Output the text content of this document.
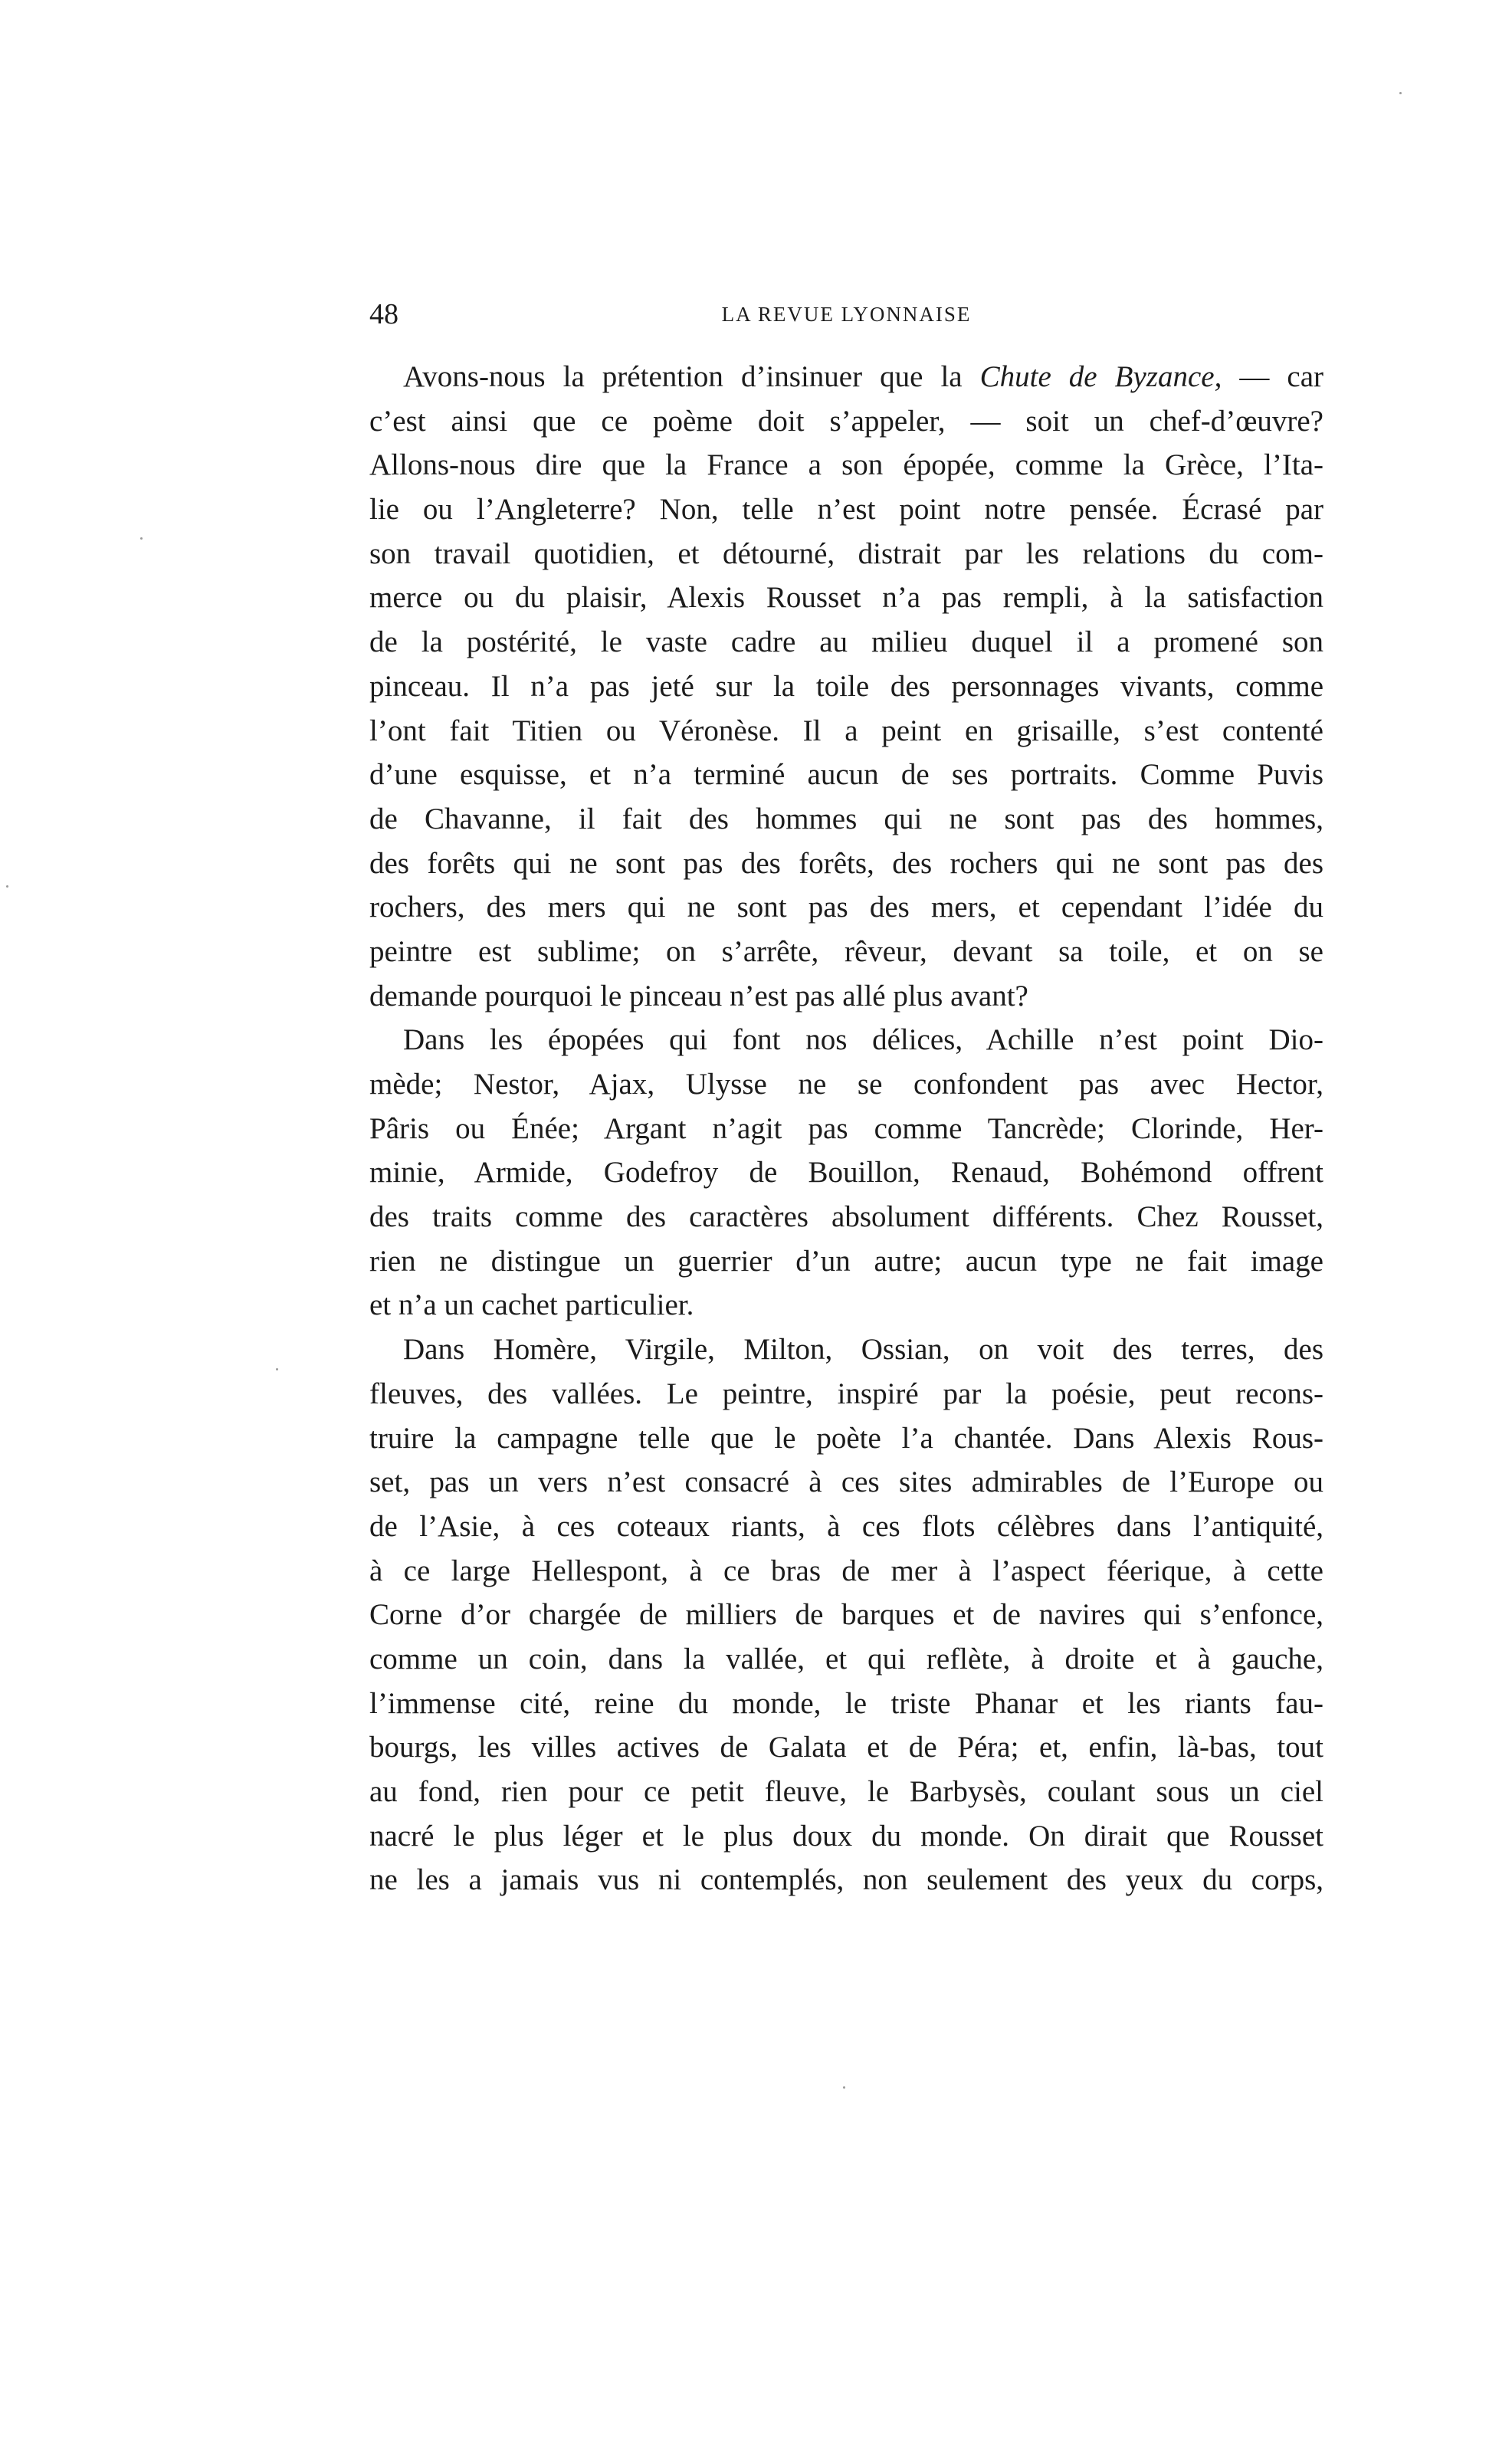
48	LA REVUE LYONNAISE
Avons-nous la prétention d’insinuer que la Chute de Byzance, — car
c’est ainsi que ce poème doit s’appeler, — soit un chef-d’œuvre?
Allons-nous dire que la France a son épopée, comme la Grèce, l’Ita-
lie ou l’Angleterre? Non, telle n’est point notre pensée. Écrasé par
son travail quotidien, et détourné, distrait par les relations du com-
merce ou du plaisir, Alexis Rousset n’a pas rempli, à la satisfaction
de la postérité, le vaste cadre au milieu duquel il a promené son
pinceau. Il n’a pas jeté sur la toile des personnages vivants, comme
l’ont fait Titien ou Véronèse. Il a peint en grisaille, s’est contenté
d’une esquisse, et n’a terminé aucun de ses portraits. Comme Puvis
de Chavanne, il fait des hommes qui ne sont pas des hommes,
des forêts qui ne sont pas des forêts, des rochers qui ne sont pas des
rochers, des mers qui ne sont pas des mers, et cependant l’idée du
peintre est sublime; on s’arrête, rêveur, devant sa toile, et on se
demande pourquoi le pinceau n’est pas allé plus avant?
Dans les épopées qui font nos délices, Achille n’est point Dio-
mède; Nestor, Ajax, Ulysse ne se confondent pas avec Hector,
Pâris ou Énée; Argant n’agit pas comme Tancrède; Clorinde, Her-
minie, Armide, Godefroy de Bouillon, Renaud, Bohémond offrent
des traits comme des caractères absolument différents. Chez Rousset,
rien ne distingue un guerrier d’un autre; aucun type ne fait image
et n’a un cachet particulier.
Dans Homère, Virgile, Milton, Ossian, on voit des terres, des
fleuves, des vallées. Le peintre, inspiré par la poésie, peut recons-
truire la campagne telle que le poète l’a chantée. Dans Alexis Rous-
set, pas un vers n’est consacré à ces sites admirables de l’Europe ou
de l’Asie, à ces coteaux riants, à ces flots célèbres dans l’antiquité,
à ce large Hellespont, à ce bras de mer à l’aspect féerique, à cette
Corne d’or chargée de milliers de barques et de navires qui s’enfonce,
comme un coin, dans la vallée, et qui reflète, à droite et à gauche,
l’immense cité, reine du monde, le triste Phanar et les riants fau-
bourgs, les villes actives de Galata et de Péra; et, enfin, là-bas, tout
au fond, rien pour ce petit fleuve, le Barbysès, coulant sous un ciel
nacré le plus léger et le plus doux du monde. On dirait que Rousset
ne les a jamais vus ni contemplés, non seulement des yeux du corps,
